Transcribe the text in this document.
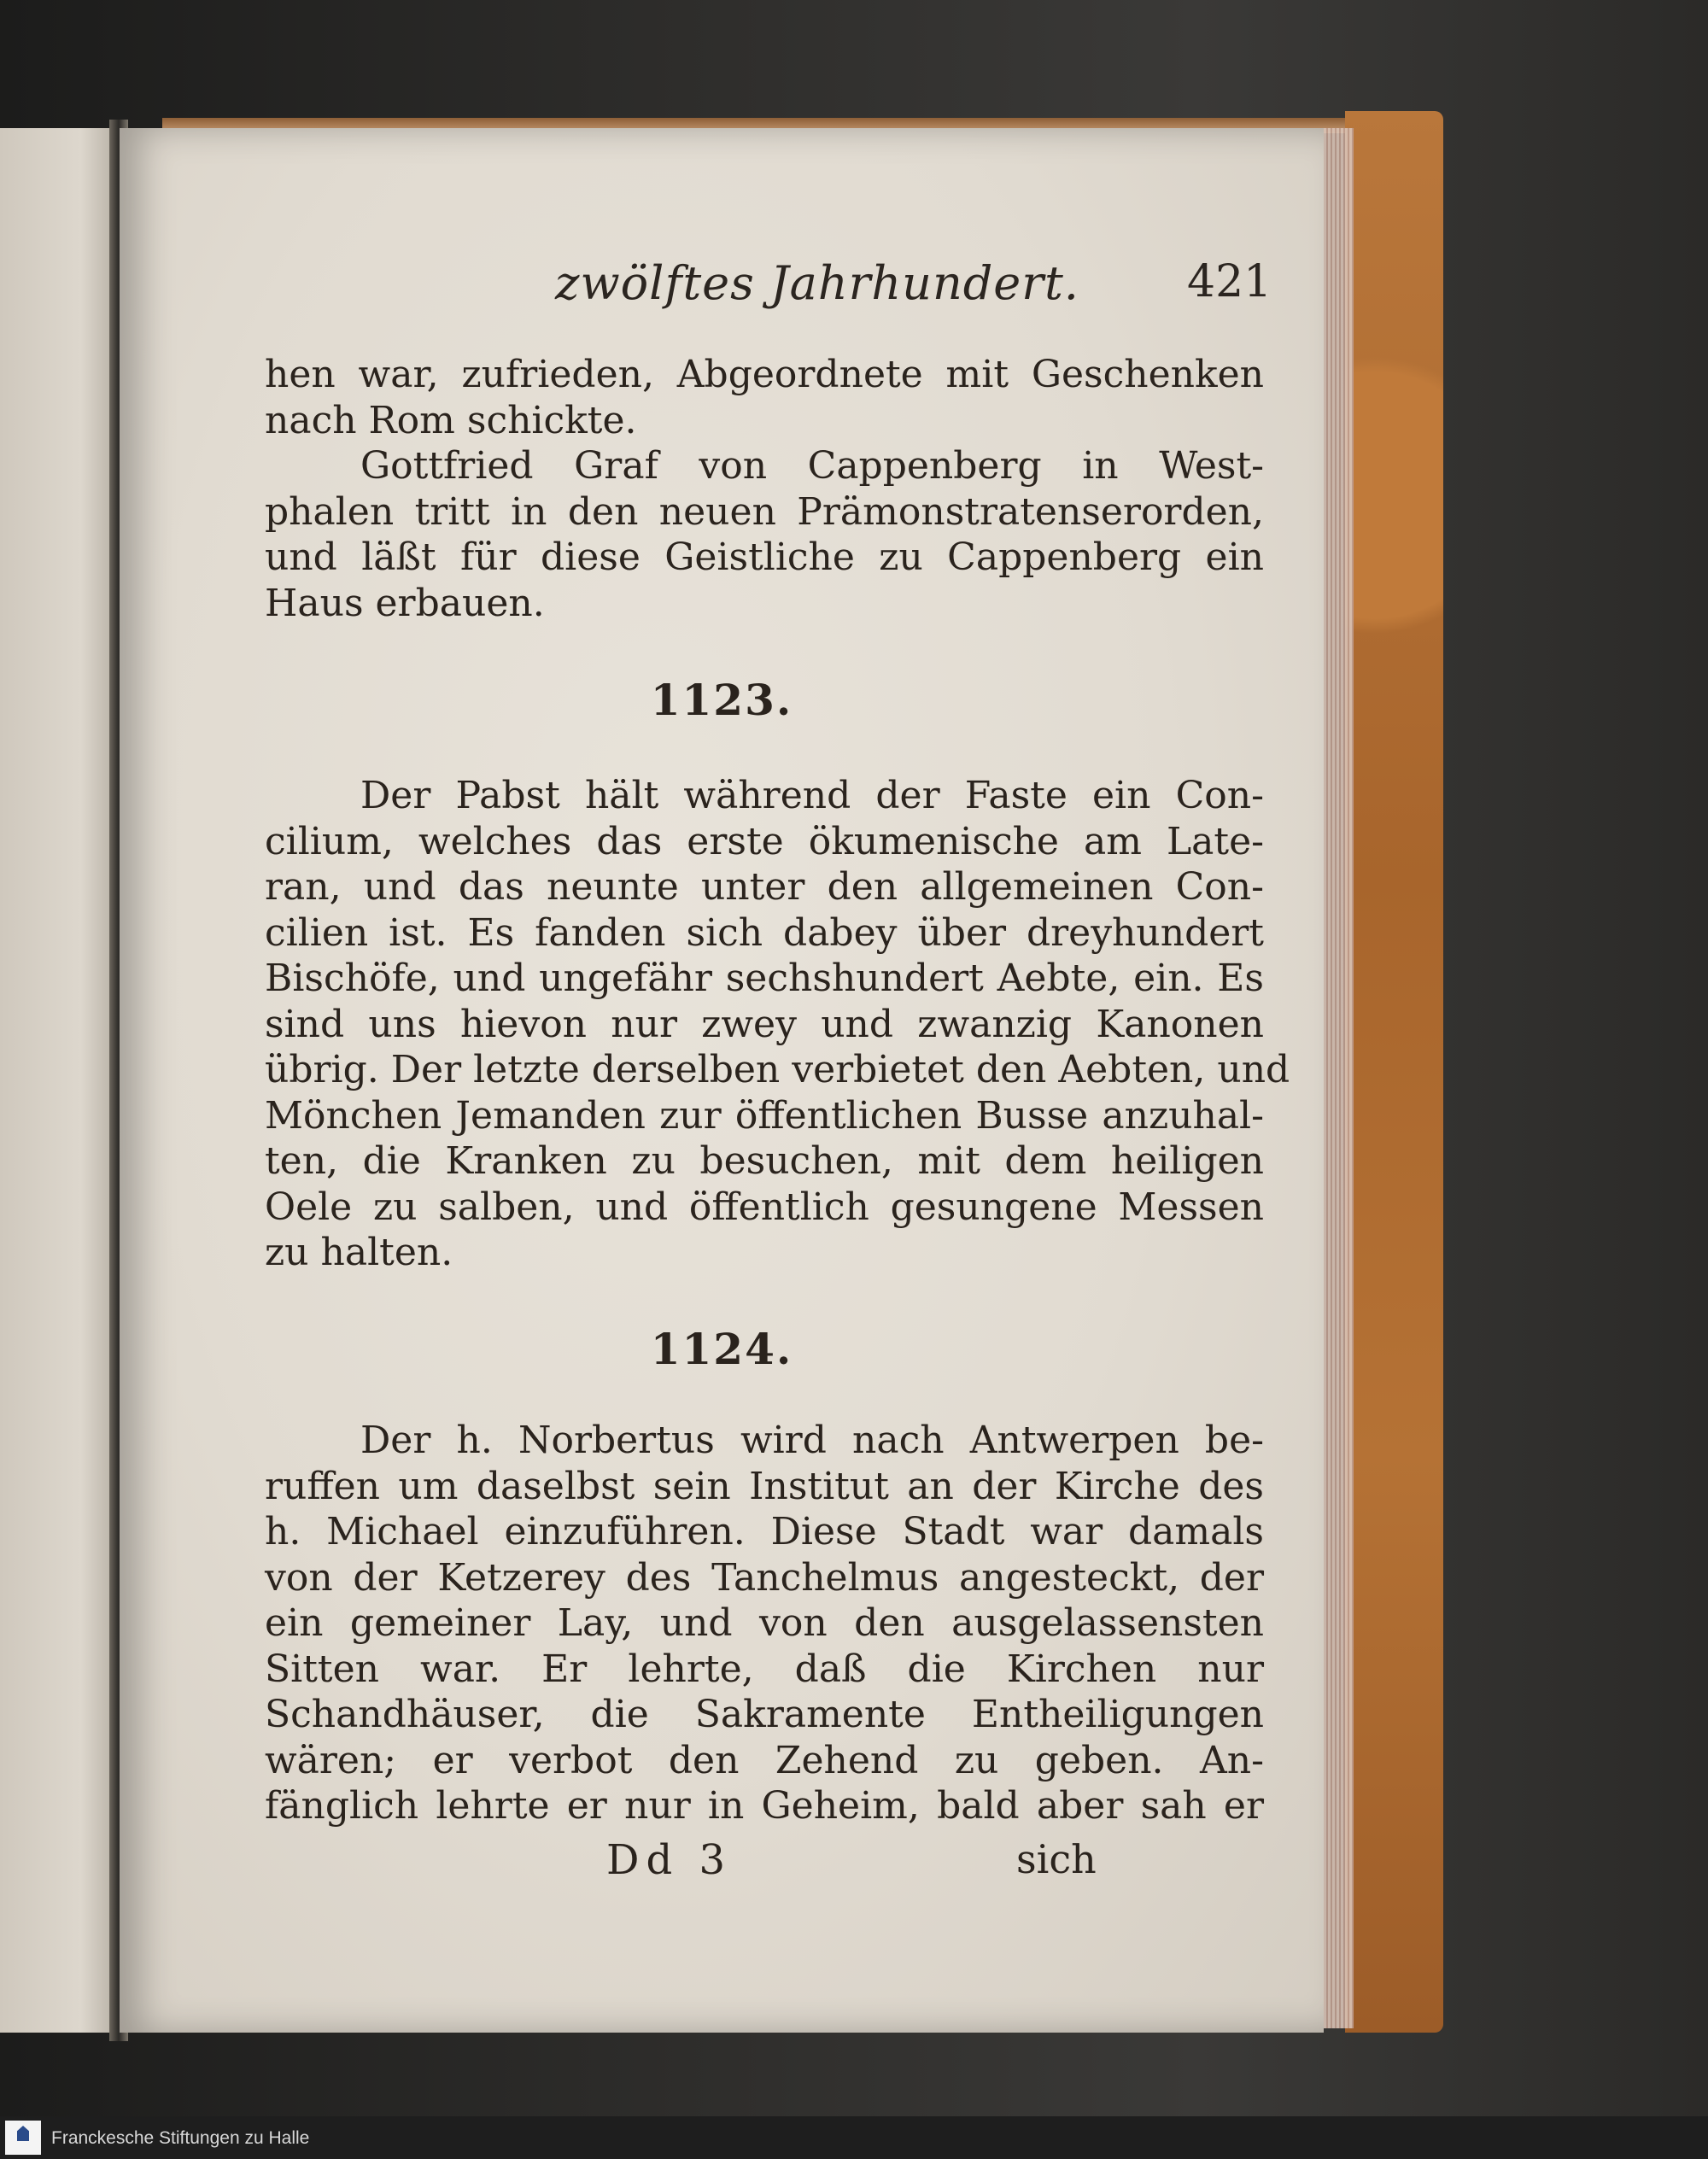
zwölftes Jahrhundert. 421
hen war, zufrieden, Abgeordnete mit Geschenken
nach Rom schickte.
Gottfried Graf von Cappenberg in West-
phalen tritt in den neuen Prämonstratenserorden,
und läßt für diese Geistliche zu Cappenberg ein
Haus erbauen.
1123.
Der Pabst hält während der Faste ein Con-
cilium, welches das erste ökumenische am Late-
ran, und das neunte unter den allgemeinen Con-
cilien ist. Es fanden sich dabey über dreyhundert
Bischöfe, und ungefähr sechshundert Aebte, ein. Es
sind uns hievon nur zwey und zwanzig Kanonen
übrig. Der letzte derselben verbietet den Aebten, und
Mönchen Jemanden zur öffentlichen Busse anzuhal-
ten, die Kranken zu besuchen, mit dem heiligen
Oele zu salben, und öffentlich gesungene Messen
zu halten.
1124.
Der h. Norbertus wird nach Antwerpen be-
ruffen um daselbst sein Institut an der Kirche des
h. Michael einzuführen. Diese Stadt war damals
von der Ketzerey des Tanchelmus angesteckt, der
ein gemeiner Lay, und von den ausgelassensten
Sitten war. Er lehrte, daß die Kirchen nur
Schandhäuser, die Sakramente Entheiligungen
wären; er verbot den Zehend zu geben. An-
fänglich lehrte er nur in Geheim, bald aber sah er
Dd 3	sich
Franckesche Stiftungen zu Halle
